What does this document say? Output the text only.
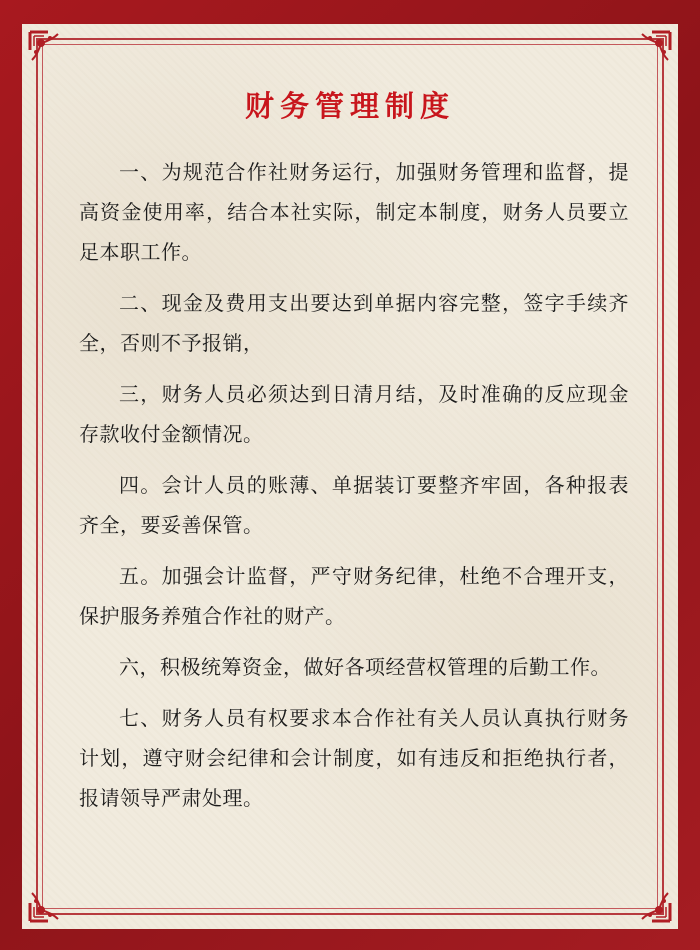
财务管理制度

一、为规范合作社财务运行，加强财务管理和监督，提高资金使用率，结合本社实际，制定本制度，财务人员要立足本职工作。

二、现金及费用支出要达到单据内容完整，签字手续齐全，否则不予报销，

三，财务人员必须达到日清月结，及时准确的反应现金存款收付金额情况。

四。会计人员的账薄、单据装订要整齐牢固，各种报表齐全，要妥善保管。

五。加强会计监督，严守财务纪律，杜绝不合理开支，保护服务养殖合作社的财产。

六，积极统筹资金，做好各项经营权管理的后勤工作。

七、财务人员有权要求本合作社有关人员认真执行财务计划，遵守财会纪律和会计制度，如有违反和拒绝执行者，报请领导严肃处理。
